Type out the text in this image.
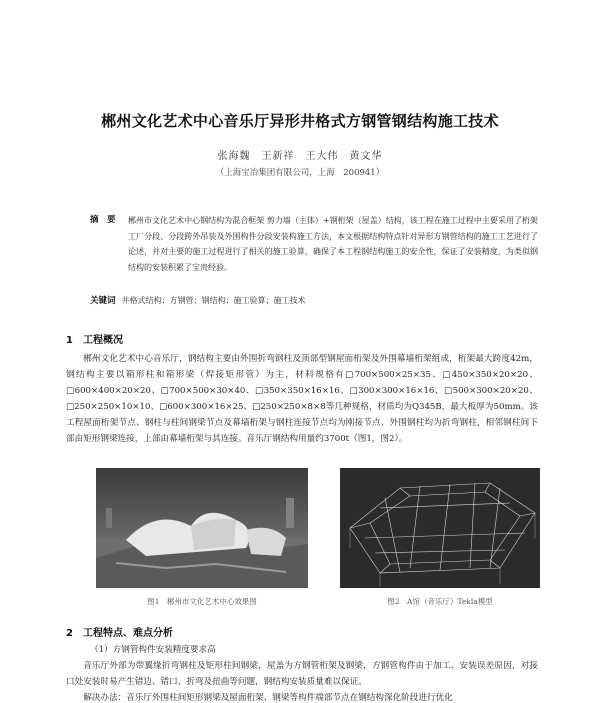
郴州文化艺术中心音乐厅异形井格式方钢管钢结构施工技术
张海魏　王新祥　王大伟　黄文华
（上海宝冶集团有限公司，上海　200941）
摘　要 郴州市文化艺术中心钢结构为混合框架 剪力墙（主体）+钢桁架（屋盖）结构，该工程在施工过程中主要采用了桁架工厂分段、分段跨外吊装及外围构件分段安装构施工方法，本文根据结构特点针对异形方钢管结构的施工工艺进行了论述，并对主要的施工过程进行了相关的施工验算，确保了本工程钢结构施工的安全性，保证了安装精度，为类似钢结构的安装积累了宝贵经验。
关键词 井格式结构；方钢管；钢结构；施工验算；施工技术
1　工程概况
郴州文化艺术中心音乐厅，钢结构主要由外围折弯钢柱及顶部型钢屋面桁架及外围幕墙桁架组成，桁架最大跨度42m，钢结构主要以箱形柱和箱形梁（焊接矩形管）为主，材料规格有□700×500×25×35、□450×350×20×20、□600×400×20×20、□700×500×30×40、□350×350×16×16、□300×300×16×16、□500×300×20×20、□250×250×10×10、□600×300×16×25、□250×250×8×8等几种规格，材质均为Q345B，最大板厚为50mm。该工程屋面桁架节点、钢柱与柱间钢梁节点及幕墙桁架与钢柱连接节点均为刚接节点、外围钢柱均为折弯钢柱，相邻钢柱间下部由矩形钢梁连接，上部由幕墙桁架与其连接。音乐厅钢结构用量约3700t（图1，图2）。
图1　郴州市文化艺术中心效果图	图2　A馆（音乐厅）Tekla模型
2　工程特点、难点分析
（1）方钢管构件安装精度要求高
音乐厅外部为带翼缘折弯钢柱及矩形柱间钢梁，屋盖为方钢管桁架及钢梁，方钢管构件由于加工、安装误差原因，对接口处安装时易产生错边、错口、折弯及扭曲等问题，钢结构安装质量难以保证。
解决办法：音乐厅外围柱间矩形钢梁及屋面桁架、钢梁等构件端部节点在钢结构深化阶段进行优化
